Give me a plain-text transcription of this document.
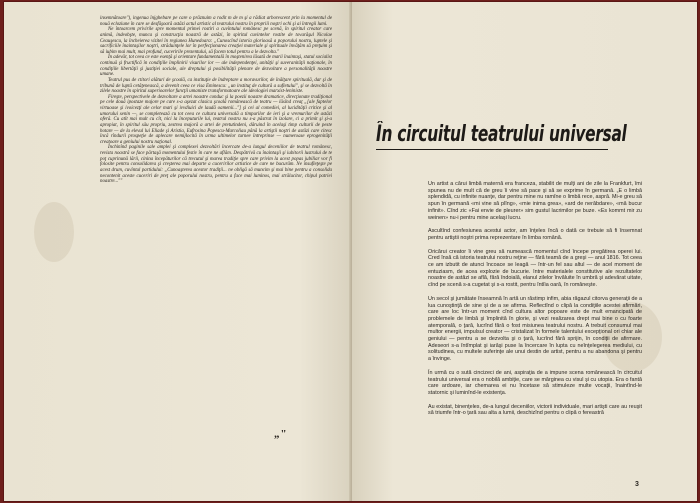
insemnătoare"), ingenua înjghebare pe care o prăznuim a rodit m de m şi a rădiat arborescent prin la momentul de nouă ecloziune în care se desfăşoară astăzi actul artistic al teatrului nostru în propriii noştri ochi şi ai întregii lumi.

Ne întoarcem privirile spre momentul primei rostiri a cuvîntului românesc pe scenă, în spiritul creator care animă, indeobşte, munca şi construcţia noastră de astăzi, în spiritul cuvintelor rostite de tovarăşul Nicolae Ceauşescu, la încheierea vizitei în regiunea Hunedoara: „Cunoscînd istoria glorioasă a poporului nostru, luptele şi sacrificiile înaintaşilor noştri, străduinţele lor în perfecţionarea creaţiei materiale şi spirituale învăţăm să preţuim şi să iubim mai mult, mai profund, cuceririle prezentului, să facem totul pentru a le dezvolta."

În adevăr, tot ceea ce este esenţă şi orientare fundamentală în moştenirea lăsată de marii înaintaşi, statul socialist continuă şi fructifică în condiţiile împlinirii visurilor lor — ale independenţei, unităţii şi suveranităţii naţionale, în condiţiile libertăţii şi justiţiei sociale, ale dreptului şi posibilităţii plenare de dezvoltare a personalităţii noastre umane.

Teatrul pus de ctitori alături de şcoală, ca instituţie de îndreptare a moravurilor, de înălţare spirituală, dar şi de tribună de luptă cetăţenească, a devenit ceea ce visa Eminescu: „un instituţ de cultură a sufletului", şi se dezvoltă în zilele noastre în spiritul superioarelor funcţii umaniste transformatoare ale ideologiei marxist-leniniste.

Fireşte, perspectivele de dezvoltare a artei noastre conduc şi la poezii noastre dramatice, direcţionate tradiţional pe cele două ipostaze majore pe care s-a aşezat clasica şcoală românească de teatru — lăsînd creaţ „[ale faptelor virtuoase şi ivoicezţi ale celor mari şi ivvdiuici de laudă oamenii..."] şi cei al comediei, al lucidităţii critice şi al umorului senin —, se completează cu tot ceea ce cultura universală a timpurilor de ieri şi a vremurilor de astăzi oferă. Cu atît mai mult cu cît, nici la începuturile lui, teatrul nostru nu s-a păstrat în izolare, ci a primit şi şi-a apropiat, în spiritul său propriu, zestrea majoră a artei de pretutindeni, dăruind în acelaşi timp culturii de peste hotare — de la elevul lui Eliade şi Aristia, Eufrosina Popescu-Marcoliau până la artiştii noştri de astăzi care citesc încă rîndurii prospeţie de aplecare nemijlocită în urma ultimelor turnee întreprinse — numeroase eprogenităţii creatoare a geniului nostru naţional.

Închinînd paginile sale amplei şi complexei dezvoltări încercate de-a lungul deceniilor de teatrul românesc, revista noastră se face părtaşă momentului festiv în care ne aflăm. Despătrivă cu înaintaşii şi iubitorii lustrului de te poţ cuprinună lării, cinina începăturilor că trecutul şi marea tradiţie spre care privim la acest popas jubiliar vor fi folosite pentru consolidarea şi creşterea mai departe a cuceririlor artistice de care ne bucurăm. Ne însufleţeşte pe acest drum, cuvîntul partidului: „Cunoaşterea acestor tradiţii... ne obligă să muncim şi mai bine pentru a consolida necontenit aceste cuceriri de preţ ale poporului nostru, pentru a face mai luminos, mai strălucitor, chipul patriei noastre...""

„"
În circuitul teatrului universal

Un artist a cărui limbă maternă era franceza, stabilit de mulţi ani de zile la Frankfurt, îmi spunea nu de mult că de greu îi vine să pace şi să se exprime în germană. „E o limbă splendidă, cu infinite nuanţe, dar pentru mine nu ramîne o limbă rece, aspră. Mi-e greu să spun în germană «mi vine să plîng», «mie inima grea», «ard de nerăbdare», «mă bucur infinit». Cînd zic «Fai envie de pleurer» sim gustul lacrimilor pe buze. «Es kommt mir zu weinen» nu-i pentru mine acelaşi lucru.

Ascultînd confesiunea acestui actor, am înţeles încă o dată ce trebuie să fi însemnat pentru artiştii noştri prima reprezentare în limba română.

Oricărui creator îi vine greu să numească momentul cînd începe pregătirea operei lui. Cred însă că istoria teatrului nostru reţine — fără teamă de a greşi — anul 1816. Tot ceea ce am izbutit de atunci încoace se leagă — într-un fel sau altul — de acel moment de entuziasm, de acea explozie de bucurie. Intre materialele constitutive ale rezultatelor noastre de astăzi se află, fără îndoială, elanul zilelor învăluite în umbră şi adevărat uitate, cînd pe scenă s-a cugetat şi s-a rostit, pentru întîia oară, în româneşte.

Un secol şi jumătate înseamnă în artă un răstimp infim, abia răgazul citorva generaţii de a lua cunoştinţă de sine şi de a se afirma. Reflectînd o clipă la condiţiile acestei afirmări, care are loc într-un moment cînd cultura altor popoare este de mult emancipată de problemele de limbă şi împlinită în glorie, şi vezi realizarea drept mai bine o cu foarte atemporală, o ţară, lucrînd fără o fost misiunea teatrului nostru. A trebuit consumul mai multor energii, impulsul creator — cristalizat în formele talentului excepţional ori chiar ale geniului — pentru a se dezvolta şi o ţară, lucrînd fără sprijin, în condiţii de afirmare. Adeseori s-a întîmplat şi iarăşi puse la încercare în lupta cu neînţelegerea mediului, cu solitudinea, cu multele suferinţe ale unui destin de artist, pentru a nu abandona şi pentru a învinge.

În urmă cu o sută cincizeci de ani, aspiraţia de a impune scena românească în circuitul teatrului universal era o nobilă ambiţie, care se mărginea cu visul şi cu utopia. Era o fantă care ardoare, iar chemarea ei nu încetase să stimuleze multe vocaţii, înaintînd-le statornic şi luminînd-le existenţa.

Au existat, binenţeles, de-a lungul deceniilor, victorii individuale, mari artişti care au reuşit să triumfe într-o ţară sau alta a lumii, deschizînd pentru o clipă o fereastră

3
